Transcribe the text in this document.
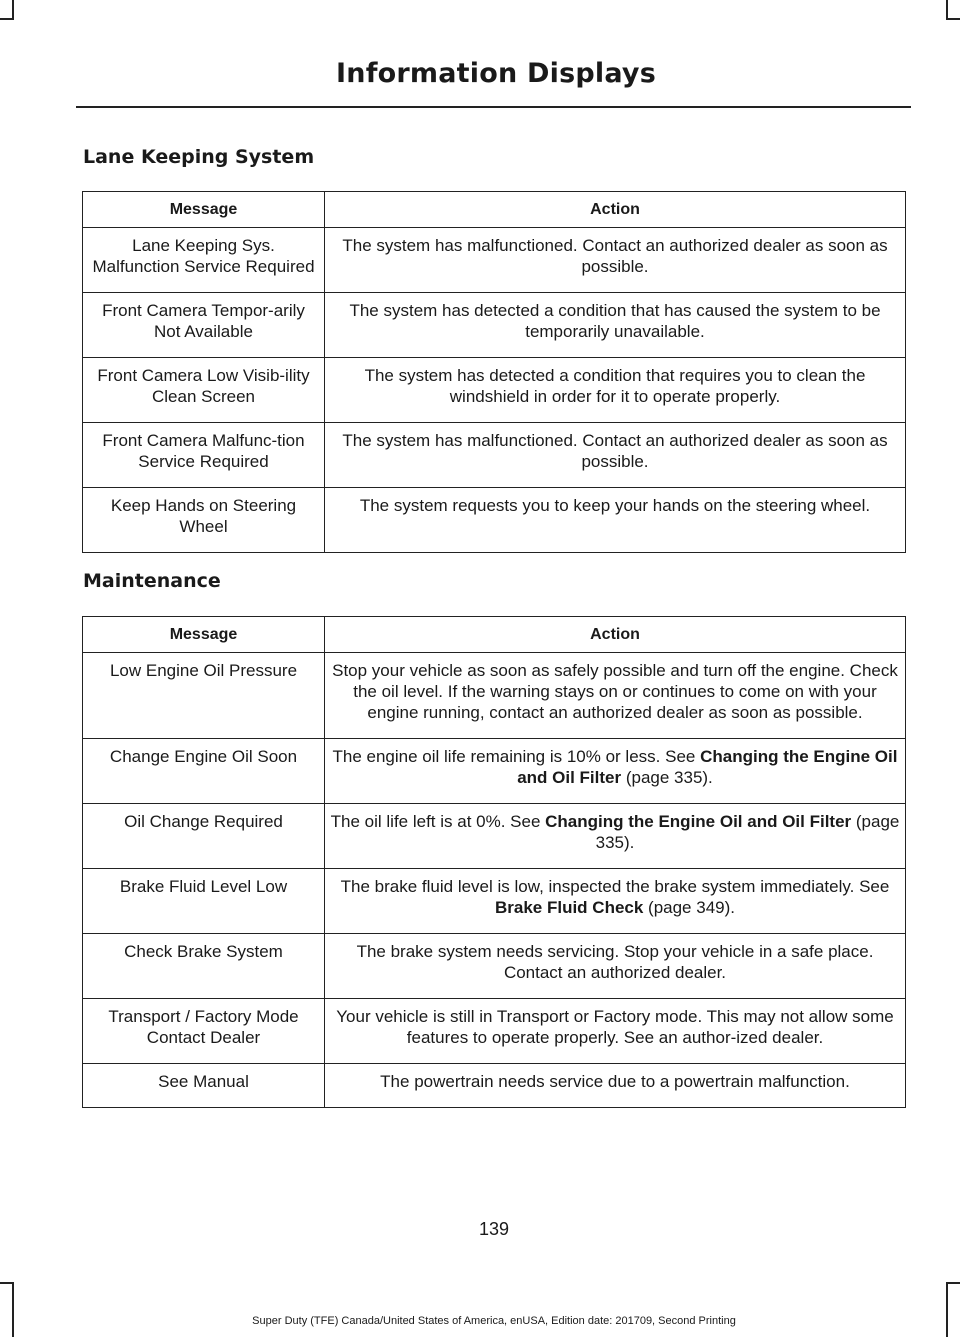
Information Displays
Lane Keeping System
Message	Action
Lane Keeping Sys. Malfunction Service Required	The system has malfunctioned. Contact an authorized dealer as soon as possible.
Front Camera Tempor-arily Not Available	The system has detected a condition that has caused the system to be temporarily unavailable.
Front Camera Low Visib-ility Clean Screen	The system has detected a condition that requires you to clean the windshield in order for it to operate properly.
Front Camera Malfunc-tion Service Required	The system has malfunctioned. Contact an authorized dealer as soon as possible.
Keep Hands on Steering Wheel	The system requests you to keep your hands on the steering wheel.
Maintenance
Message	Action
Low Engine Oil Pressure	Stop your vehicle as soon as safely possible and turn off the engine. Check the oil level. If the warning stays on or continues to come on with your engine running, contact an authorized dealer as soon as possible.
Change Engine Oil Soon	The engine oil life remaining is 10% or less. See Changing the Engine Oil and Oil Filter (page 335).
Oil Change Required	The oil life left is at 0%. See Changing the Engine Oil and Oil Filter (page 335).
Brake Fluid Level Low	The brake fluid level is low, inspected the brake system immediately. See Brake Fluid Check (page 349).
Check Brake System	The brake system needs servicing. Stop your vehicle in a safe place. Contact an authorized dealer.
Transport / Factory Mode Contact Dealer	Your vehicle is still in Transport or Factory mode. This may not allow some features to operate properly. See an author-ized dealer.
See Manual	The powertrain needs service due to a powertrain malfunction.

139

Super Duty (TFE) Canada/United States of America, enUSA, Edition date: 201709, Second Printing
